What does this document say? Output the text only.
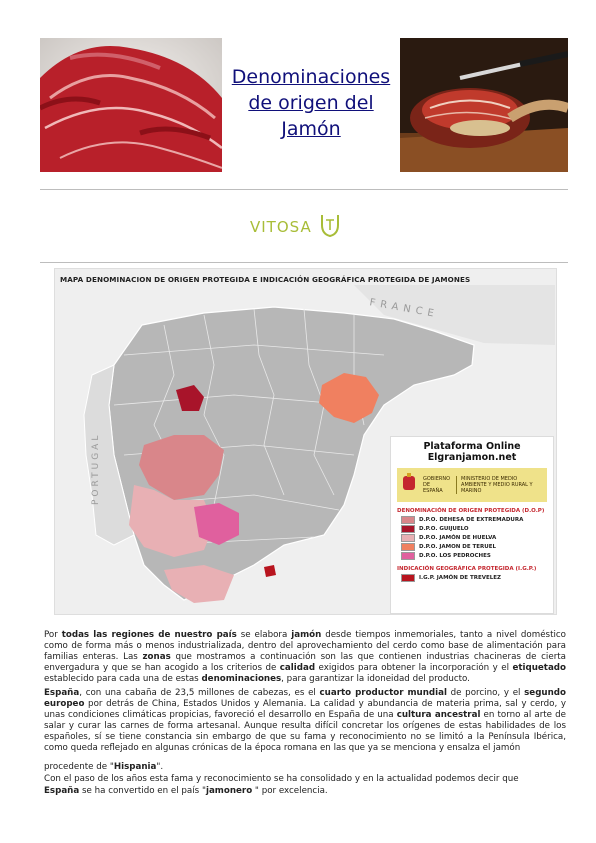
Denominaciones
de origen del
Jamón
VITOSA
MAPA DENOMINACION DE ORIGEN PROTEGIDA E INDICACIÓN GEOGRÁFICA PROTEGIDA DE JAMONES
FRANCE
PORTUGAL	Plataforma Online
Elgranjamon.net
GOBIERNO DE ESPAÑA
MINISTERIO DE MEDIO AMBIENTE Y MEDIO RURAL Y MARINO
DENOMINACIÓN DE ORIGEN PROTEGIDA (D.O.P)
D.P.O. DEHESA DE EXTREMADURA
D.P.O. GUIJUELO
D.P.O. JAMÓN DE HUELVA
D.P.O. JAMON DE TERUEL
D.P.O. LOS PEDROCHES
INDICACIÓN GEOGRÁFICA PROTEGIDA (I.G.P.)
I.G.P. JAMÓN DE TREVELEZ
Por todas las regiones de nuestro país se elabora jamón desde tiempos inmemoriales, tanto a nivel doméstico como de forma más o menos industrializada, dentro del aprovechamiento del cerdo como base de alimentación para familias enteras. Las zonas que mostramos a continuación son las que contienen industrias chacineras de cierta envergadura y que se han acogido a los criterios de calidad exigidos para obtener la incorporación y el etiquetado establecido para cada una de estas denominaciones, para garantizar la idoneidad del producto.
España, con una cabaña de 23,5 millones de cabezas, es el cuarto productor mundial de porcino, y el segundo europeo por detrás de China, Estados Unidos y Alemania. La calidad y abundancia de materia prima, sal y cerdo, y unas condiciones climáticas propicias, favoreció el desarrollo en España de una cultura ancestral en torno al arte de salar y curar las carnes de forma artesanal. Aunque resulta difícil concretar los orígenes de estas habilidades de los españoles, sí se tiene constancia sin embargo de que su fama y reconocimiento no se limitó a la Península Ibérica, como queda reflejado en algunas crónicas de la época romana en las que ya se menciona y ensalza el jamón
procedente de "Hispania".
Con el paso de los años esta fama y reconocimiento se ha consolidado y en la actualidad podemos decir que
España se ha convertido en el país "jamonero " por excelencia.
